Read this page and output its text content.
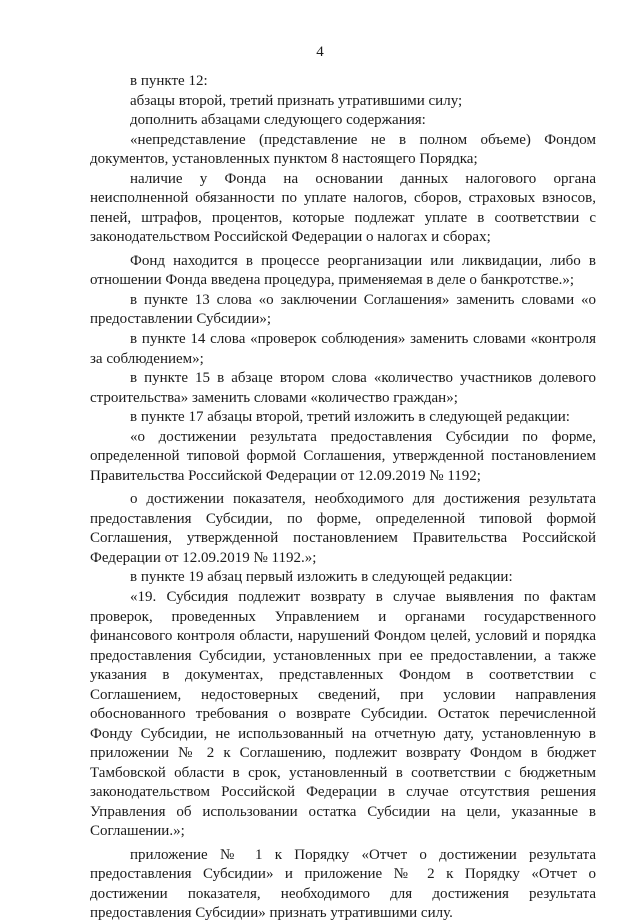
4

в пункте 12:

абзацы второй, третий признать утратившими силу;

дополнить абзацами следующего содержания:

«непредставление (представление не в полном объеме) Фондом документов, установленных пунктом 8 настоящего Порядка;

наличие у Фонда на основании данных налогового органа неисполненной обязанности по уплате налогов, сборов, страховых взносов, пеней, штрафов, процентов, которые подлежат уплате в соответствии с законодательством Российской Федерации о налогах и сборах;

Фонд находится в процессе реорганизации или ликвидации, либо в отношении Фонда введена процедура, применяемая в деле о банкротстве.»;

в пункте 13 слова «о заключении Соглашения» заменить словами «о предоставлении Субсидии»;

в пункте 14 слова «проверок соблюдения» заменить словами «контроля за соблюдением»;

в пункте 15 в абзаце втором слова «количество участников долевого строительства» заменить словами «количество граждан»;

в пункте 17 абзацы второй, третий изложить в следующей редакции:

«о достижении результата предоставления Субсидии по форме, определенной типовой формой Соглашения, утвержденной постановлением Правительства Российской Федерации от 12.09.2019 № 1192;

о достижении показателя, необходимого для достижения результата предоставления Субсидии, по форме, определенной типовой формой Соглашения, утвержденной постановлением Правительства Российской Федерации от 12.09.2019 № 1192.»;

в пункте 19 абзац первый изложить в следующей редакции:

«19. Субсидия подлежит возврату в случае выявления по фактам проверок, проведенных Управлением и органами государственного финансового контроля области, нарушений Фондом целей, условий и порядка предоставления Субсидии, установленных при ее предоставлении, а также указания в документах, представленных Фондом в соответствии с Соглашением, недостоверных сведений, при условии направления обоснованного требования о возврате Субсидии. Остаток перечисленной Фонду Субсидии, не использованный на отчетную дату, установленную в приложении № 2 к Соглашению, подлежит возврату Фондом в бюджет Тамбовской области в срок, установленный в соответствии с бюджетным законодательством Российской Федерации в случае отсутствия решения Управления об использовании остатка Субсидии на цели, указанные в Соглашении.»;

приложение № 1 к Порядку «Отчет о достижении результата предоставления Субсидии» и приложение № 2 к Порядку «Отчет о достижении показателя, необходимого для достижения результата предоставления Субсидии» признать утратившими силу.
